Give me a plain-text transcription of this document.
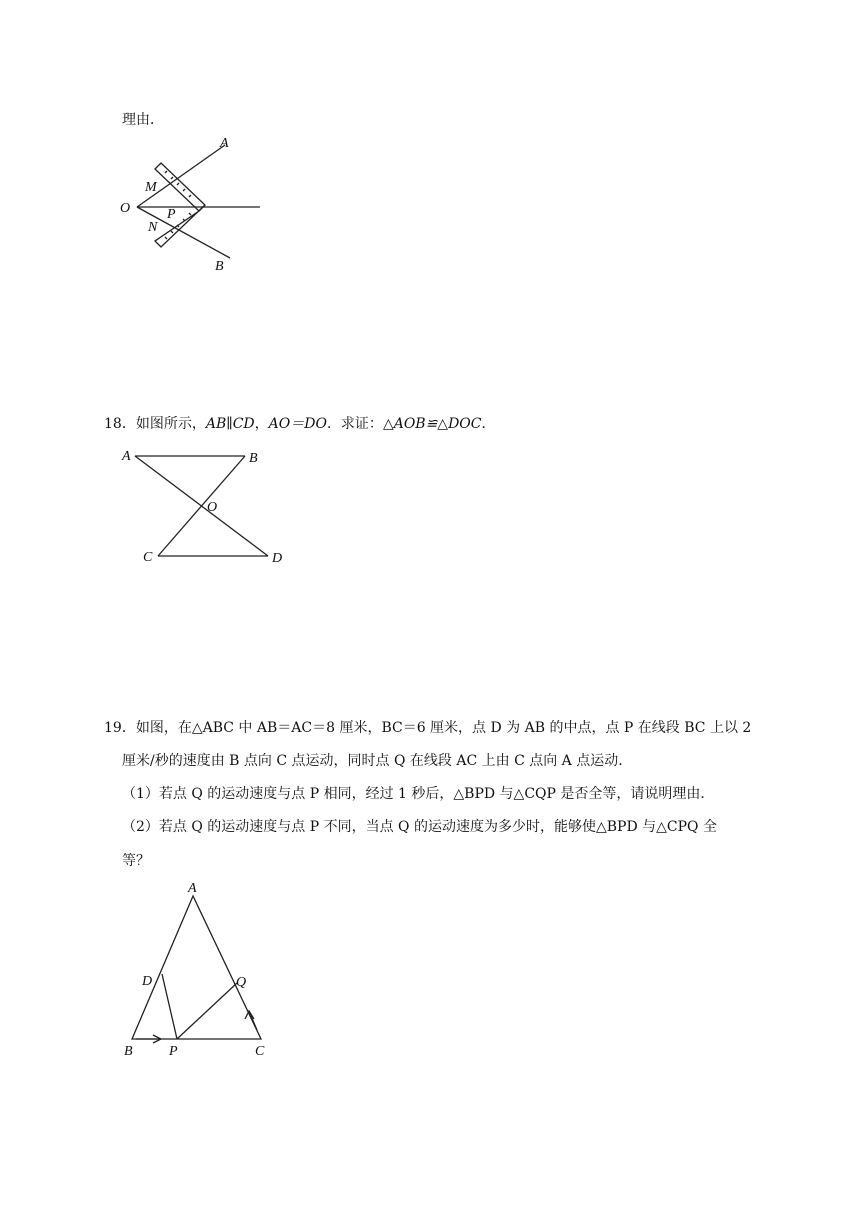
理由．
A
B
O
M
N
P
18．如图所示，AB∥CD，AO＝DO．求证：△AOB≌△DOC．
A	B
C	D
O
19．如图，在△ABC 中 AB＝AC＝8 厘米，BC＝6 厘米，点 D 为 AB 的中点，点 P 在线段 BC 上以 2
厘米/秒的速度由 B 点向 C 点运动，同时点 Q 在线段 AC 上由 C 点向 A 点运动．
（1）若点 Q 的运动速度与点 P 相同，经过 1 秒后，△BPD 与△CQP 是否全等，请说明理由．
（2）若点 Q 的运动速度与点 P 不同，当点 Q 的运动速度为多少时，能够使△BPD 与△CPQ 全
等？
A
B	C
D
P
Q
